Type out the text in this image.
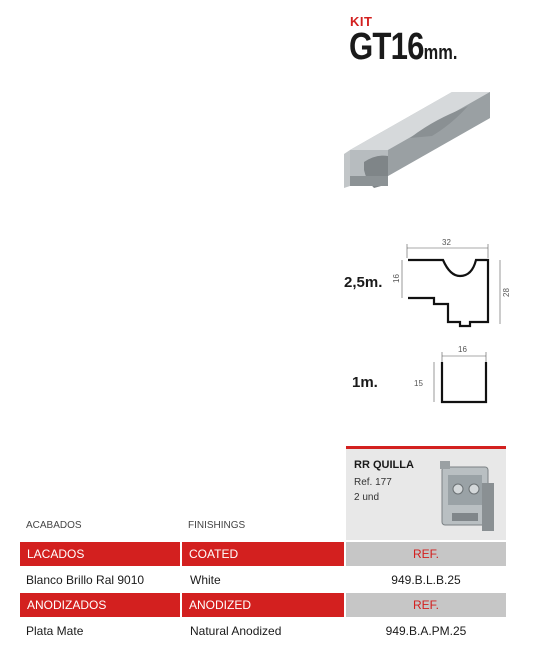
KIT
GT16mm.
2,5m.
32
16
28
1m.
16
15
RR QUILLA
Ref. 177
2 und
ACABADOS	FINISHINGS
LACADOS	COATED	REF.
Blanco Brillo Ral 9010	White	949.B.L.B.25
ANODIZADOS	ANODIZED	REF.
Plata Mate	Natural Anodized	949.B.A.PM.25
